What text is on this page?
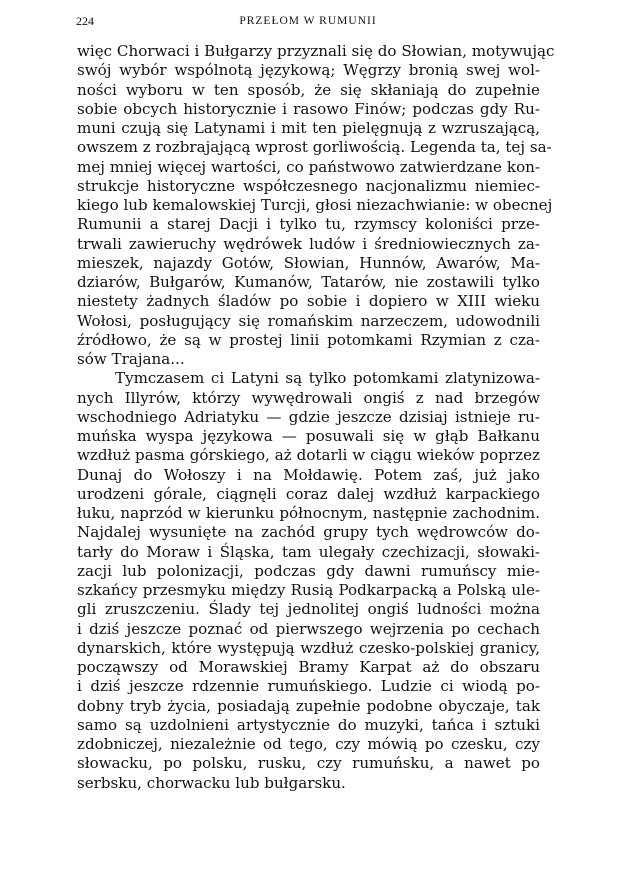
224	PRZEŁOM W RUMUNII
więc Chorwaci i Bułgarzy przyznali się do Słowian, motywując
swój wybór wspólnotą językową; Węgrzy bronią swej wol-
ności wyboru w ten sposób, że się skłaniają do zupełnie
sobie obcych historycznie i rasowo Finów; podczas gdy Ru-
muni czują się Latynami i mit ten pielęgnują z wzruszającą,
owszem z rozbrajającą wprost gorliwością. Legenda ta, tej sa-
mej mniej więcej wartości, co państwowo zatwierdzane kon-
strukcje historyczne współczesnego nacjonalizmu niemiec-
kiego lub kemalowskiej Turcji, głosi niezachwianie: w obecnej
Rumunii a starej Dacji i tylko tu, rzymscy koloniści prze-
trwali zawieruchy wędrówek ludów i średniowiecznych za-
mieszek, najazdy Gotów, Słowian, Hunnów, Awarów, Ma-
dziarów, Bułgarów, Kumanów, Tatarów, nie zostawili tylko
niestety żadnych śladów po sobie i dopiero w XIII wieku
Wołosi, posługujący się romańskim narzeczem, udowodnili
źródłowo, że są w prostej linii potomkami Rzymian z cza-
sów Trajana...
Tymczasem ci Latyni są tylko potomkami zlatynizowa-
nych Illyrów, którzy wywędrowali ongiś z nad brzegów
wschodniego Adriatyku — gdzie jeszcze dzisiaj istnieje ru-
muńska wyspa językowa — posuwali się w głąb Bałkanu
wzdłuż pasma górskiego, aż dotarli w ciągu wieków poprzez
Dunaj do Wołoszy i na Mołdawię. Potem zaś, już jako
urodzeni górale, ciągnęli coraz dalej wzdłuż karpackiego
łuku, naprzód w kierunku północnym, następnie zachodnim.
Najdalej wysunięte na zachód grupy tych wędrowców do-
tarły do Moraw i Śląska, tam ulegały czechizacji, słowaki-
zacji lub polonizacji, podczas gdy dawni rumuńscy mie-
szkańcy przesmyku między Rusią Podkarpacką a Polską ule-
gli zruszczeniu. Ślady tej jednolitej ongiś ludności można
i dziś jeszcze poznać od pierwszego wejrzenia po cechach
dynarskich, które występują wzdłuż czesko-polskiej granicy,
począwszy od Morawskiej Bramy Karpat aż do obszaru
i dziś jeszcze rdzennie rumuńskiego. Ludzie ci wiodą po-
dobny tryb życia, posiadają zupełnie podobne obyczaje, tak
samo są uzdolnieni artystycznie do muzyki, tańca i sztuki
zdobniczej, niezależnie od tego, czy mówią po czesku, czy
słowacku, po polsku, rusku, czy rumuńsku, a nawet po
serbsku, chorwacku lub bułgarsku.
